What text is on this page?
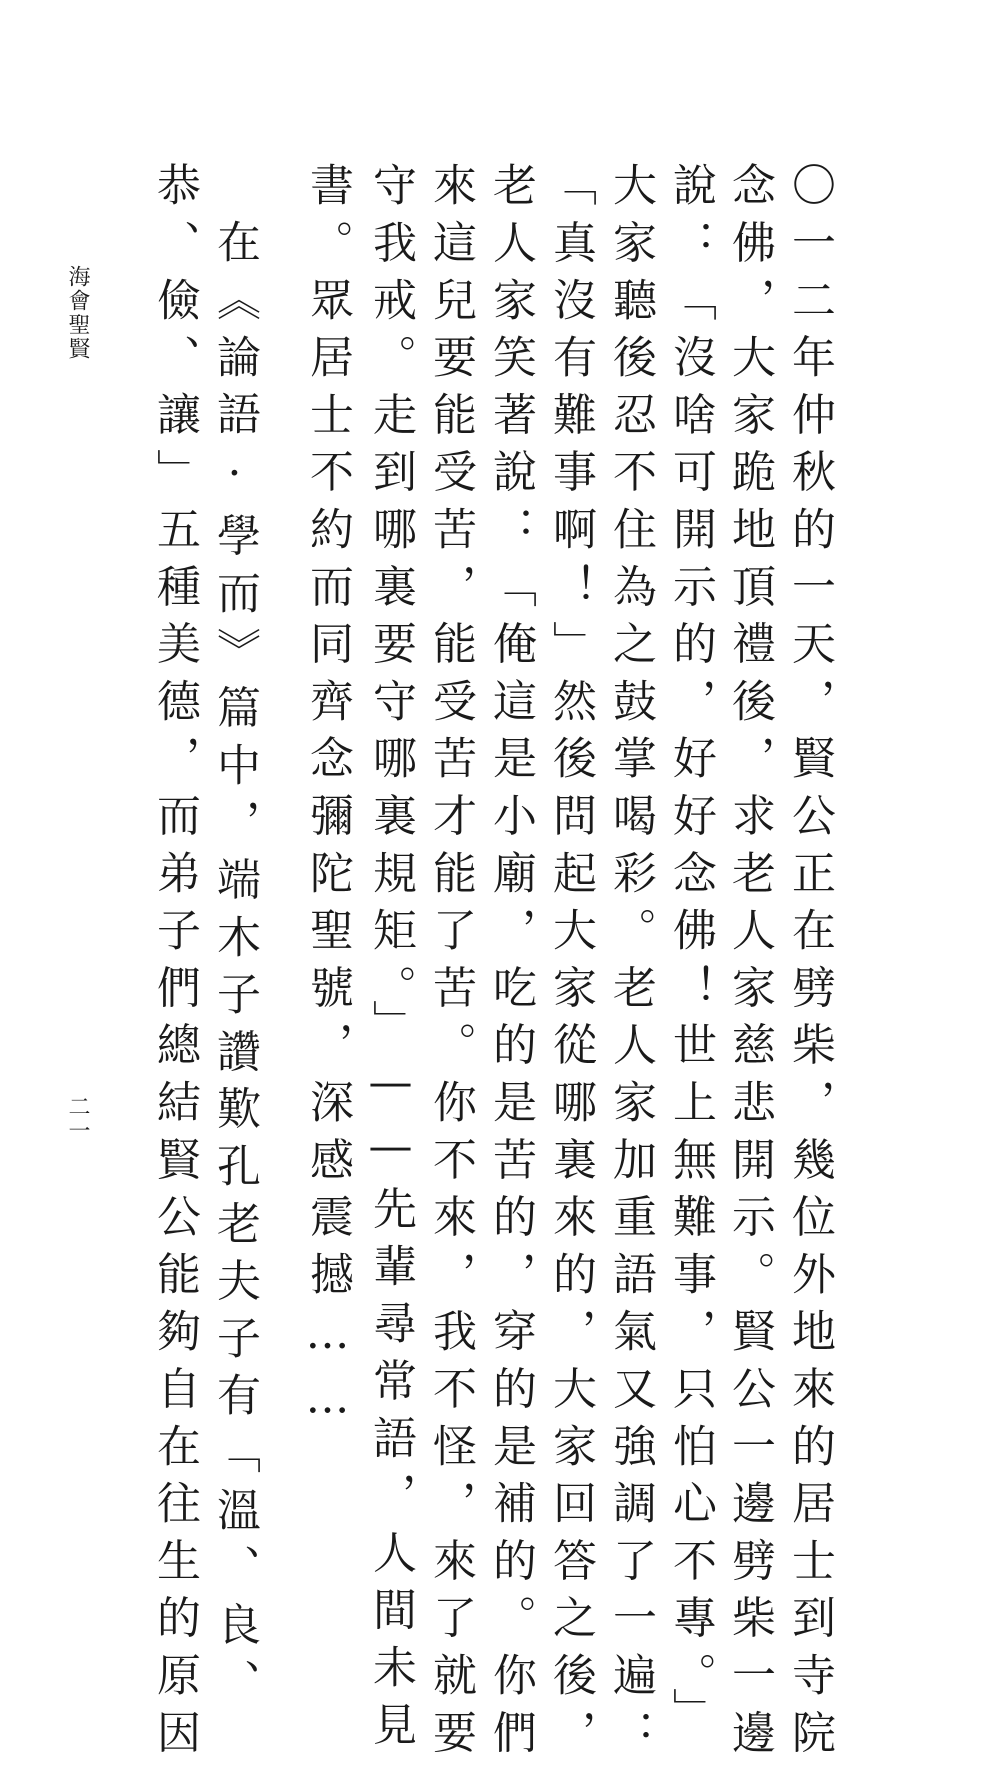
〇一二年仲秋的一天，賢公正在劈柴，幾位外地來的居士到寺院
念佛，大家跪地頂禮後，求老人家慈悲開示。賢公一邊劈柴一邊
說：「沒啥可開示的，好好念佛！世上無難事，只怕心不專。」
大家聽後忍不住為之鼓掌喝彩。老人家加重語氣又強調了一遍：
「真沒有難事啊！」然後問起大家從哪裏來的，大家回答之後，
老人家笑著說：「俺這是小廟，吃的是苦的，穿的是補的。你們
來這兒要能受苦，能受苦才能了苦。你不來，我不怪，來了就要
守我戒。走到哪裏要守哪裏規矩。」——先輩尋常語，人間未見
書。眾居士不約而同齊念彌陀聖號，深感震撼……
在《論語·學而》篇中，端木子讚歎孔老夫子有「溫、良、
恭、儉、讓」五種美德，而弟子們總結賢公能夠自在往生的原因
海會聖賢
二一
